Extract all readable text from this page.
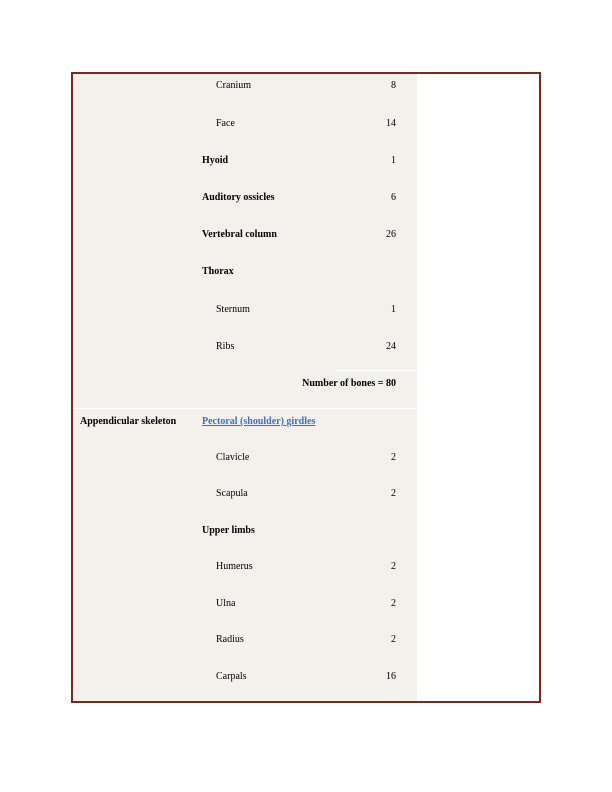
Cranium	8
Face	14
Hyoid	1
Auditory ossicles	6
Vertebral column	26
Thorax
Sternum	1
Ribs	24
Number of bones = 80
Appendicular skeleton	Pectoral (shoulder) girdles
Clavicle	2
Scapula	2
Upper limbs
Humerus	2
Ulna	2
Radius	2
Carpals	16
